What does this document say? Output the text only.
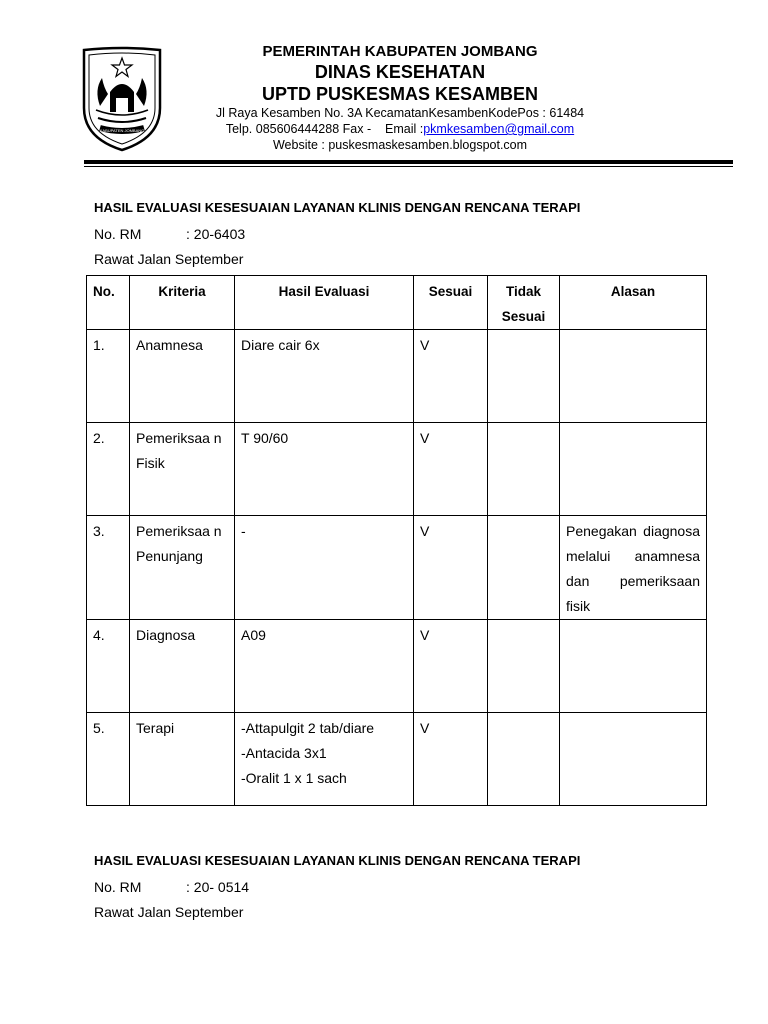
KABUPATEN JOMBANG
PEMERINTAH KABUPATEN JOMBANG
DINAS KESEHATAN
UPTD PUSKESMAS KESAMBEN
Jl Raya Kesamben No. 3A KecamatanKesambenKodePos : 61484
Telp. 085606444288 Fax -    Email :pkmkesamben@gmail.com
Website : puskesmaskesamben.blogspot.com
HASIL EVALUASI KESESUAIAN LAYANAN KLINIS DENGAN RENCANA TERAPI
No. RM	: 20-6403
Rawat Jalan September
No.	Kriteria	Hasil Evaluasi	Sesuai	Tidak Sesuai	Alasan
1.	Anamnesa	Diare cair 6x	V		
2.	Pemeriksaa n Fisik	T 90/60	V		
3.	Pemeriksaa n Penunjang	-	V		Penegakan diagnosa melalui anamnesa dan pemeriksaan fisik
4.	Diagnosa	A09	V		
5.	Terapi	-Attapulgit 2 tab/diare
-Antacida 3x1
-Oralit 1 x 1 sach	V		
HASIL EVALUASI KESESUAIAN LAYANAN KLINIS DENGAN RENCANA TERAPI
No. RM	: 20- 0514
Rawat Jalan September
